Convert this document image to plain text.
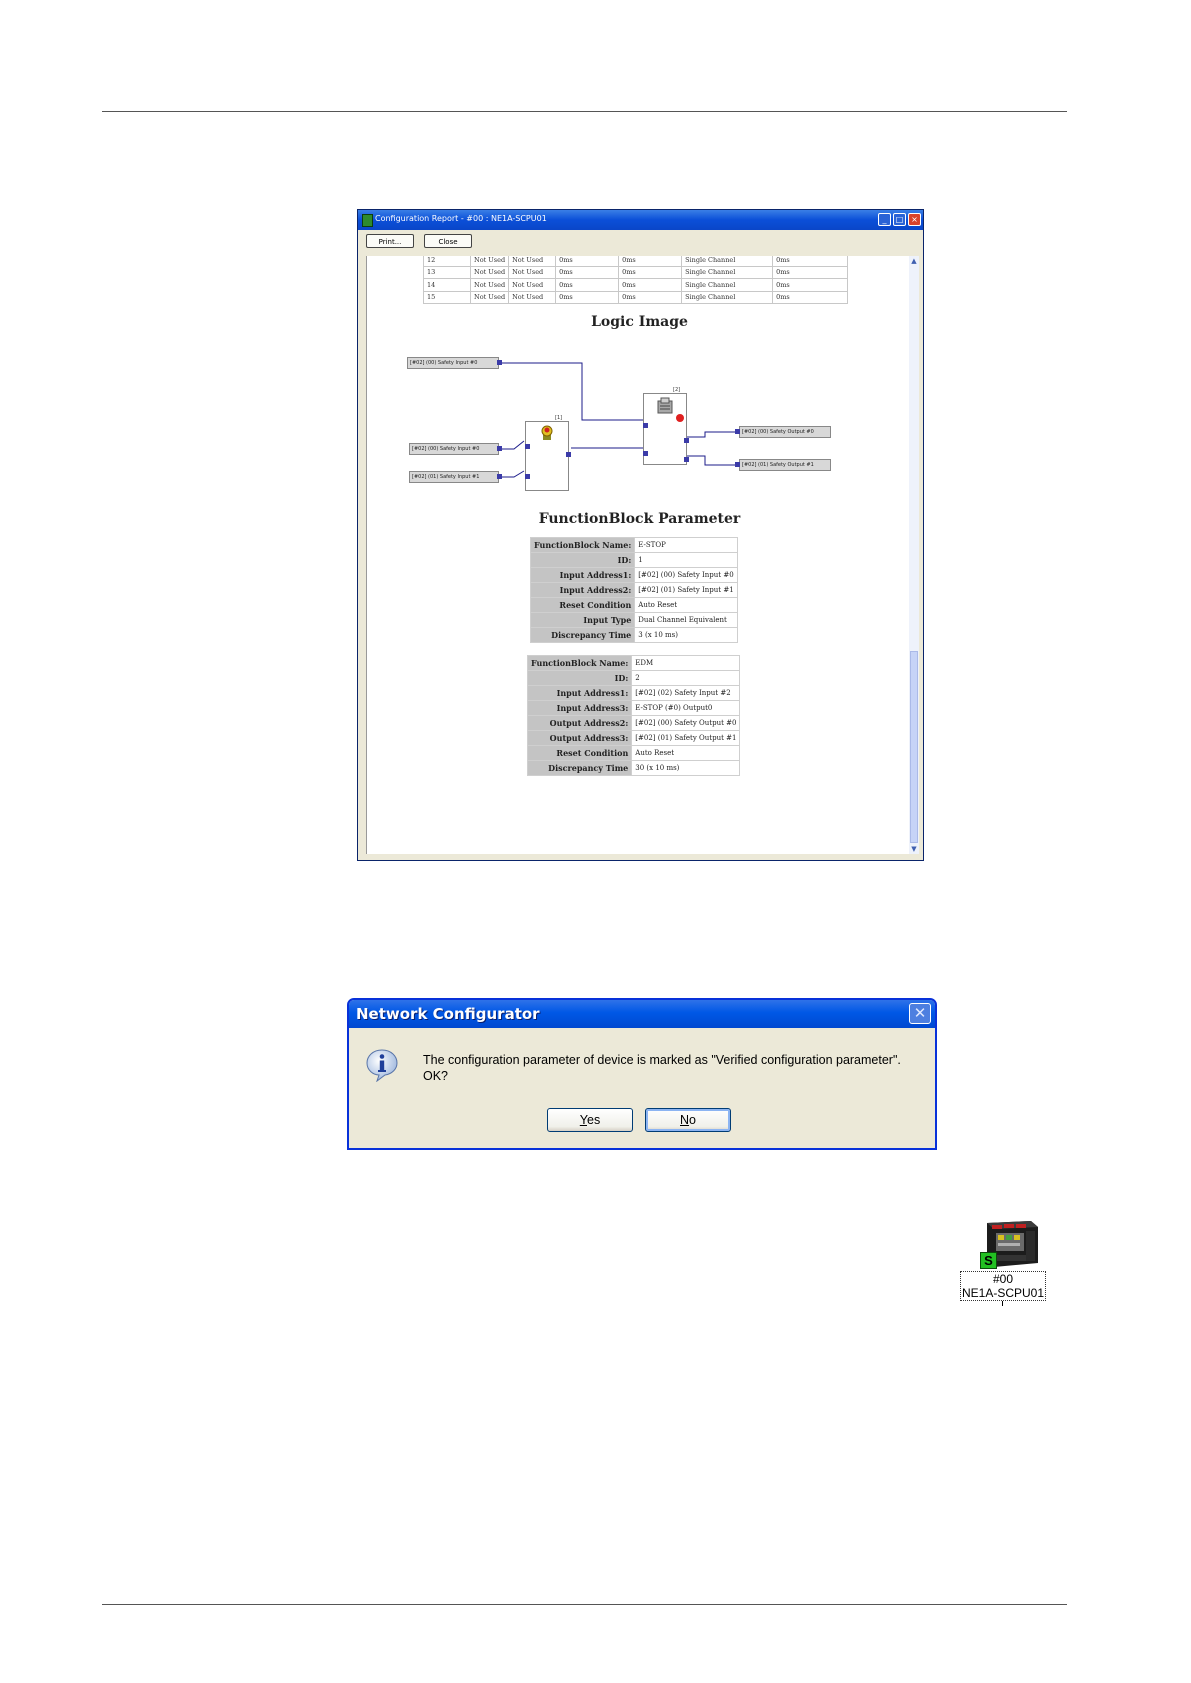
Configuration Report - #00 : NE1A-SCPU01	_	□ ×
Print...	Close
12	Not Used	Not Used	0ms	0ms	Single Channel	0ms
13	Not Used	Not Used	0ms	0ms	Single Channel	0ms
14	Not Used	Not Used	0ms	0ms	Single Channel	0ms
15	Not Used	Not Used	0ms	0ms	Single Channel	0ms
Logic Image
[#02] (00) Safety Input #0
[#02] (00) Safety Input #0
[#02] (01) Safety Input #1
[#02] (00) Safety Output #0
[#02] (01) Safety Output #1
[1]
[2]
FunctionBlock Parameter
FunctionBlock Name:	E-STOP
ID:	1
Input Address1:	[#02] (00) Safety Input #0
Input Address2:	[#02] (01) Safety Input #1
Reset Condition	Auto Reset
Input Type	Dual Channel Equivalent
Discrepancy Time	3 (x 10 ms)
FunctionBlock Name:	EDM
ID:	2
Input Address1:	[#02] (02) Safety Input #2
Input Address3:	E-STOP (#0) Output0
Output Address2:	[#02] (00) Safety Output #0
Output Address3:	[#02] (01) Safety Output #1
Reset Condition	Auto Reset
Discrepancy Time	30 (x 10 ms)
▲
▼
Network Configurator	✕
The configuration parameter of device is marked as "Verified configuration parameter".
OK?
Yes	No
S
#00
NE1A-SCPU01
